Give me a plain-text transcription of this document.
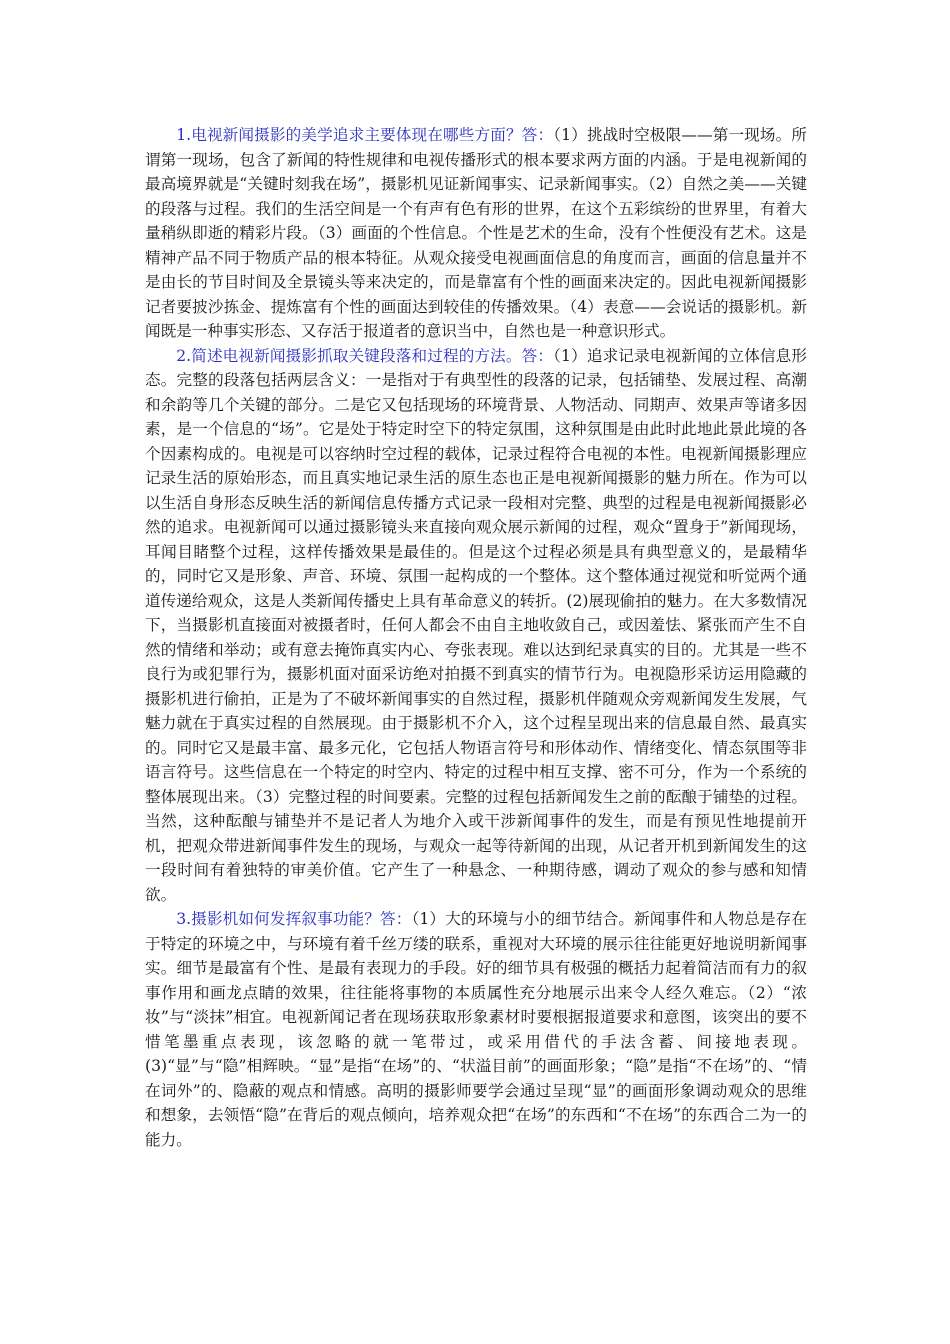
1.电视新闻摄影的美学追求主要体现在哪些方面？答：（1）挑战时空极限——第一现场。所谓第一现场，包含了新闻的特性规律和电视传播形式的根本要求两方面的内涵。于是电视新闻的最高境界就是“关键时刻我在场”，摄影机见证新闻事实、记录新闻事实。（2）自然之美——关键的段落与过程。我们的生活空间是一个有声有色有形的世界，在这个五彩缤纷的世界里，有着大量稍纵即逝的精彩片段。（3）画面的个性信息。个性是艺术的生命，没有个性便没有艺术。这是精神产品不同于物质产品的根本特征。从观众接受电视画面信息的角度而言，画面的信息量并不是由长的节目时间及全景镜头等来决定的，而是靠富有个性的画面来决定的。因此电视新闻摄影记者要披沙拣金、提炼富有个性的画面达到较佳的传播效果。（4）表意——会说话的摄影机。新闻既是一种事实形态、又存活于报道者的意识当中，自然也是一种意识形式。

2.简述电视新闻摄影抓取关键段落和过程的方法。答：（1）追求记录电视新闻的立体信息形态。完整的段落包括两层含义：一是指对于有典型性的段落的记录，包括铺垫、发展过程、高潮和余韵等几个关键的部分。二是它又包括现场的环境背景、人物活动、同期声、效果声等诸多因素，是一个信息的“场”。它是处于特定时空下的特定氛围，这种氛围是由此时此地此景此境的各个因素构成的。电视是可以容纳时空过程的载体，记录过程符合电视的本性。电视新闻摄影理应记录生活的原始形态，而且真实地记录生活的原生态也正是电视新闻摄影的魅力所在。作为可以以生活自身形态反映生活的新闻信息传播方式记录一段相对完整、典型的过程是电视新闻摄影必然的追求。电视新闻可以通过摄影镜头来直接向观众展示新闻的过程，观众“置身于”新闻现场，耳闻目睹整个过程，这样传播效果是最佳的。但是这个过程必须是具有典型意义的，是最精华的，同时它又是形象、声音、环境、氛围一起构成的一个整体。这个整体通过视觉和听觉两个通道传递给观众，这是人类新闻传播史上具有革命意义的转折。(2)展现偷拍的魅力。在大多数情况下，当摄影机直接面对被摄者时，任何人都会不由自主地收敛自己，或因羞怯、紧张而产生不自然的情绪和举动；或有意去掩饰真实内心、夸张表现。难以达到纪录真实的目的。尤其是一些不良行为或犯罪行为，摄影机面对面采访绝对拍摄不到真实的情节行为。电视隐形采访运用隐藏的摄影机进行偷拍，正是为了不破坏新闻事实的自然过程，摄影机伴随观众旁观新闻发生发展，气魅力就在于真实过程的自然展现。由于摄影机不介入，这个过程呈现出来的信息最自然、最真实的。同时它又是最丰富、最多元化，它包括人物语言符号和形体动作、情绪变化、情态氛围等非语言符号。这些信息在一个特定的时空内、特定的过程中相互支撑、密不可分，作为一个系统的整体展现出来。（3）完整过程的时间要素。完整的过程包括新闻发生之前的酝酿于铺垫的过程。当然，这种酝酿与铺垫并不是记者人为地介入或干涉新闻事件的发生，而是有预见性地提前开机，把观众带进新闻事件发生的现场，与观众一起等待新闻的出现，从记者开机到新闻发生的这一段时间有着独特的审美价值。它产生了一种悬念、一种期待感，调动了观众的参与感和知情欲。

3.摄影机如何发挥叙事功能？答：（1）大的环境与小的细节结合。新闻事件和人物总是存在于特定的环境之中，与环境有着千丝万缕的联系，重视对大环境的展示往往能更好地说明新闻事实。细节是最富有个性、是最有表现力的手段。好的细节具有极强的概括力起着简洁而有力的叙事作用和画龙点睛的效果，往往能将事物的本质属性充分地展示出来令人经久难忘。（2）“浓妆”与“淡抹”相宜。电视新闻记者在现场获取形象素材时要根据报道要求和意图，该突出的要不惜笔墨重点表现，该忽略的就一笔带过，或采用借代的手法含蓄、间接地表现。(3)“显”与“隐”相辉映。“显”是指“在场”的、“状溢目前”的画面形象；“隐”是指“不在场”的、“情在词外”的、隐蔽的观点和情感。高明的摄影师要学会通过呈现“显”的画面形象调动观众的思维和想象，去领悟“隐”在背后的观点倾向，培养观众把“在场”的东西和“不在场”的东西合二为一的能力。
